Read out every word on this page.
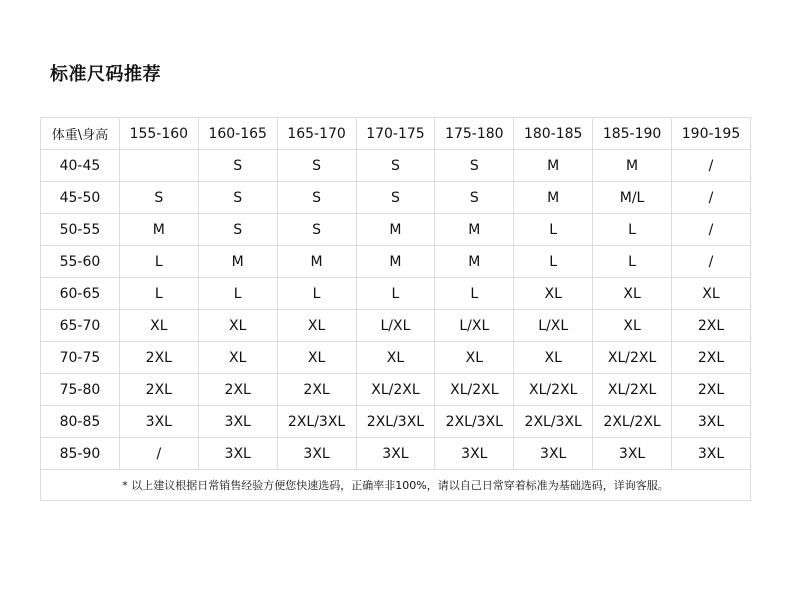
标准尺码推荐
体重\身高	155-160	160-165	165-170	170-175	175-180	180-185	185-190	190-195
40-45		S	S	S	S	M	M	/
45-50	S	S	S	S	S	M	M/L	/
50-55	M	S	S	M	M	L	L	/
55-60	L	M	M	M	M	L	L	/
60-65	L	L	L	L	L	XL	XL	XL
65-70	XL	XL	XL	L/XL	L/XL	L/XL	XL	2XL
70-75	2XL	XL	XL	XL	XL	XL	XL/2XL	2XL
75-80	2XL	2XL	2XL	XL/2XL	XL/2XL	XL/2XL	XL/2XL	2XL
80-85	3XL	3XL	2XL/3XL	2XL/3XL	2XL/3XL	2XL/3XL	2XL/2XL	3XL
85-90	/	3XL	3XL	3XL	3XL	3XL	3XL	3XL
* 以上建议根据日常销售经验方便您快速选码，正确率非100%，请以自己日常穿着标准为基础选码，详询客服。								
